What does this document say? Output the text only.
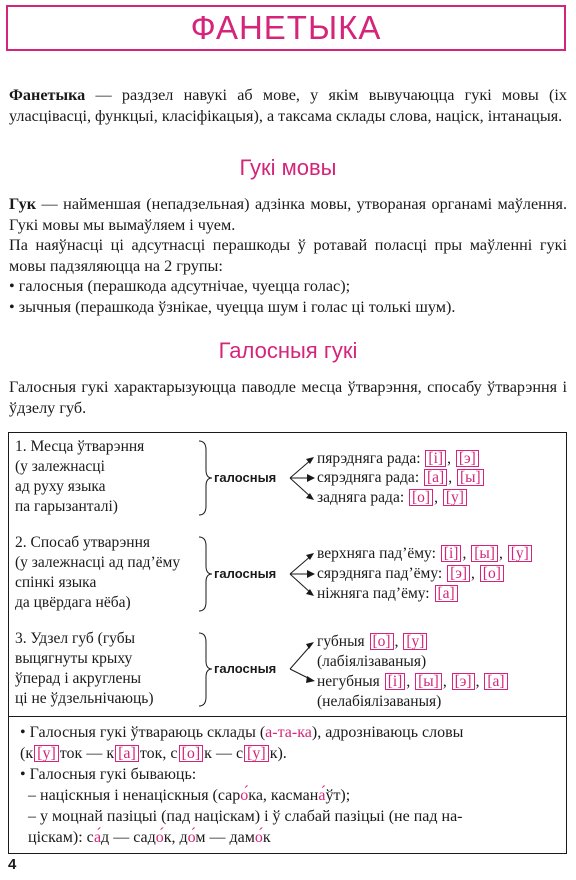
ФАНЕТЫКА
Фанетыка — раздзел навукі аб мове, у якім вывучаюцца гукі мовы (іх уласцівасці, функцыі, класіфікацыя), а таксама склады слова, націск, інтанацыя.
Гукі мовы
Гук — найменшая (непадзельная) адзінка мовы, утвораная органамі маўлення. Гукі мовы мы вымаўляем і чуем.
Па наяўнасці ці адсутнасці перашкоды ў ротавай поласці пры маўленні гукі мовы падзяляюцца на 2 групы:
• галосныя (перашкода адсутнічае, чуецца голас);
• зычныя (перашкода ўзнікае, чуецца шум і голас ці толькі шум).
Галосныя гукі
Галосныя гукі характарызуюцца паводле месца ўтварэння, спосабу ўтварэння і ўдзелу губ.
1. Месца ўтварэння
(у залежнасці
ад руху языка
па гарызанталі)
галосныя
пярэдняга рада: [і] , [э]
сярэдняга рада: [а] , [ы]
задняга рада: [о] , [у]
2. Спосаб утварэння
(у залежнасці ад пад’ёму
спінкі языка
да цвёрдага нёба)
галосныя
верхняга пад’ёму: [і] , [ы] , [у]
сярэдняга пад’ёму: [э] , [о]
ніжняга пад’ёму: [а]
3. Удзел губ (губы
выцягнуты крыху
ўперад і акруглены
ці не ўдзельнічаюць)
галосныя
губныя [о] , [у]
(лабіялізаваныя)
негубныя [і] , [ы] , [э] , [а]
(нелабіялізаваныя)

• Галосныя гукі ўтвараюць склады (а-та-ка), адрозніваюць словы

(к [у] ток — к [а] ток, с [о] к — с [у] к).

• Галосныя гукі бываюць:

– націскныя і ненаціскныя (саро́ка, касмана́ўт);

– у моцнай пазіцыі (пад націскам) і ў слабай пазіцыі (не пад на-

ціскам): са́д — садо́к, до́м — дамо́к

4
